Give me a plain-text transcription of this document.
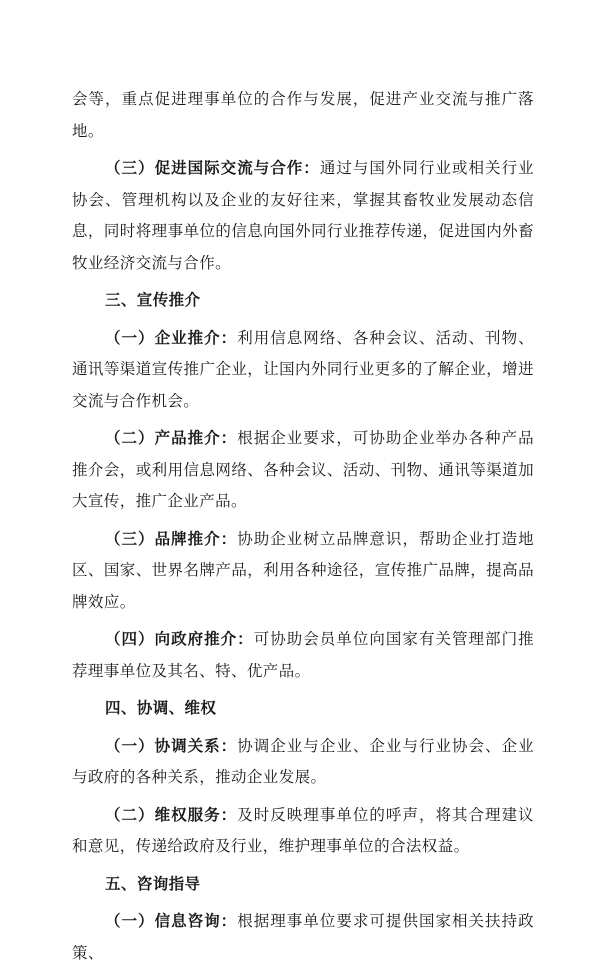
会等，重点促进理事单位的合作与发展，促进产业交流与推广落地。

（三）促进国际交流与合作：通过与国外同行业或相关行业协会、管理机构以及企业的友好往来，掌握其畜牧业发展动态信息，同时将理事单位的信息向国外同行业推荐传递，促进国内外畜牧业经济交流与合作。

三、宣传推介

（一）企业推介：利用信息网络、各种会议、活动、刊物、通讯等渠道宣传推广企业，让国内外同行业更多的了解企业，增进交流与合作机会。

（二）产品推介：根据企业要求，可协助企业举办各种产品推介会，或利用信息网络、各种会议、活动、刊物、通讯等渠道加大宣传，推广企业产品。

（三）品牌推介：协助企业树立品牌意识，帮助企业打造地区、国家、世界名牌产品，利用各种途径，宣传推广品牌，提高品牌效应。

（四）向政府推介：可协助会员单位向国家有关管理部门推荐理事单位及其名、特、优产品。

四、协调、维权

（一）协调关系：协调企业与企业、企业与行业协会、企业与政府的各种关系，推动企业发展。

（二）维权服务：及时反映理事单位的呼声，将其合理建议和意见，传递给政府及行业，维护理事单位的合法权益。

五、咨询指导

（一）信息咨询：根据理事单位要求可提供国家相关扶持政策、
